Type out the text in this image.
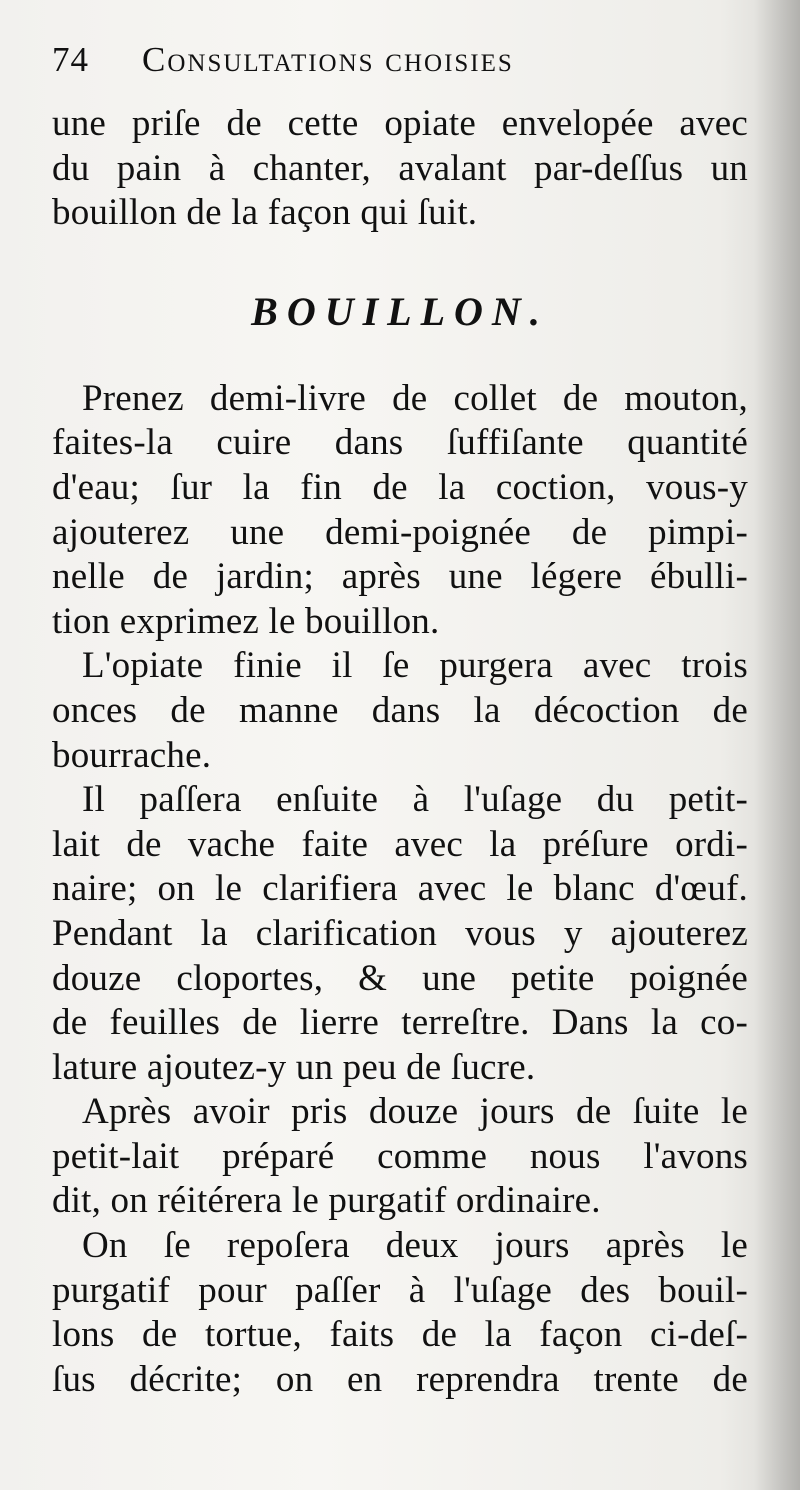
74	Consultations choisies
une priſe de cette opiate envelopée avec
du pain à chanter, avalant par-deſſus un
bouillon de la façon qui ſuit.
BOUILLON.
Prenez demi-livre de collet de mouton,
faites-la cuire dans ſuffiſante quantité
d'eau; ſur la fin de la coction, vous-y
ajouterez une demi-poignée de pimpi-
nelle de jardin; après une légere ébulli-
tion exprimez le bouillon.
L'opiate finie il ſe purgera avec trois
onces de manne dans la décoction de
bourrache.
Il paſſera enſuite à l'uſage du petit-
lait de vache faite avec la préſure ordi-
naire; on le clarifiera avec le blanc d'œuf.
Pendant la clarification vous y ajouterez
douze cloportes, & une petite poignée
de feuilles de lierre terreſtre. Dans la co-
lature ajoutez-y un peu de ſucre.
Après avoir pris douze jours de ſuite le
petit-lait préparé comme nous l'avons
dit, on réitérera le purgatif ordinaire.
On ſe repoſera deux jours après le
purgatif pour paſſer à l'uſage des bouil-
lons de tortue, faits de la façon ci-deſ-
ſus décrite; on en reprendra trente de
